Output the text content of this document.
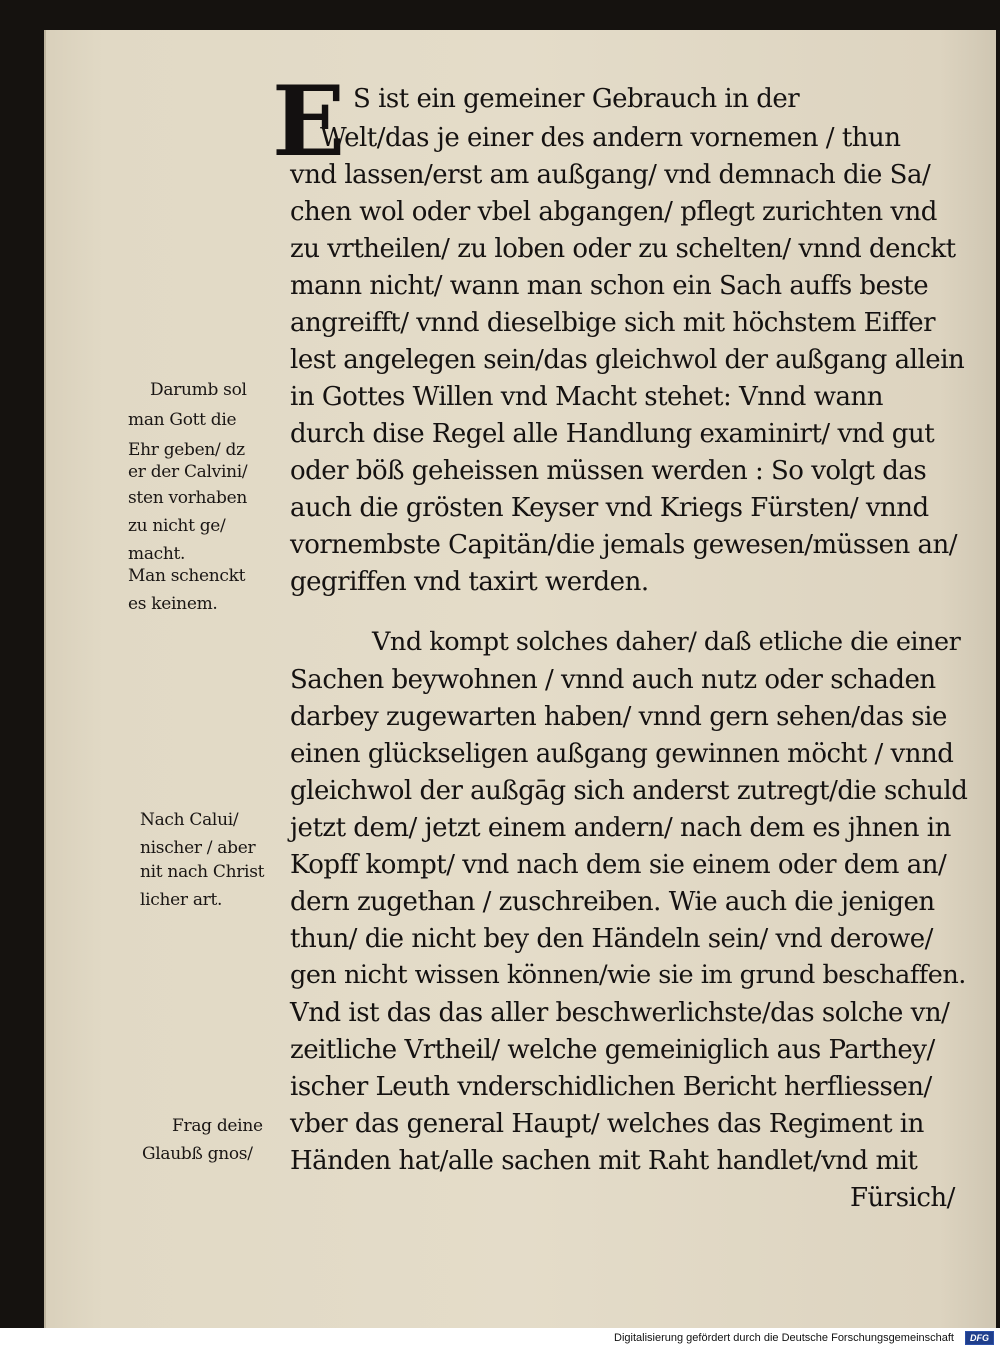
E S ist ein gemeiner Gebrauch in der
Welt/das je einer des andern vornemen / thun
vnd lassen/erst am außgang/ vnd demnach die Sa/
chen wol oder vbel abgangen/ pflegt zurichten vnd
zu vrtheilen/ zu loben oder zu schelten/ vnnd denckt
mann nicht/ wann man schon ein Sach auffs beste
angreifft/ vnnd dieselbige sich mit höchstem Eiffer
lest angelegen sein/das gleichwol der außgang allein
in Gottes Willen vnd Macht stehet: Vnnd wann
durch dise Regel alle Handlung examinirt/ vnd gut
oder böß geheissen müssen werden : So volgt das
auch die grösten Keyser vnd Kriegs Fürsten/ vnnd
vornembste Capitän/die jemals gewesen/müssen an/
gegriffen vnd taxirt werden.
Vnd kompt solches daher/ daß etliche die einer
Sachen beywohnen / vnnd auch nutz oder schaden
darbey zugewarten haben/ vnnd gern sehen/das sie
einen glückseligen außgang gewinnen möcht / vnnd
gleichwol der außgāg sich anderst zutregt/die schuld
jetzt dem/ jetzt einem andern/ nach dem es jhnen in
Kopff kompt/ vnd nach dem sie einem oder dem an/
dern zugethan / zuschreiben. Wie auch die jenigen
thun/ die nicht bey den Händeln sein/ vnd derowe/
gen nicht wissen können/wie sie im grund beschaffen.
Vnd ist das das aller beschwerlichste/das solche vn/
zeitliche Vrtheil/ welche gemeiniglich aus Parthey/
ischer Leuth vnderschidlichen Bericht herfliessen/
vber das general Haupt/ welches das Regiment in
Händen hat/alle sachen mit Raht handlet/vnd mit
Fürsich/
Darumb sol
man Gott die
Ehr geben/ dz
er der Calvini/
sten vorhaben
zu nicht ge/
macht.
Man schenckt
es keinem.
Nach Calui/
nischer / aber
nit nach Christ
licher art.
Frag deine
Glaubß gnos/
Digitalisierung gefördert durch die Deutsche Forschungsgemeinschaft	DFG
